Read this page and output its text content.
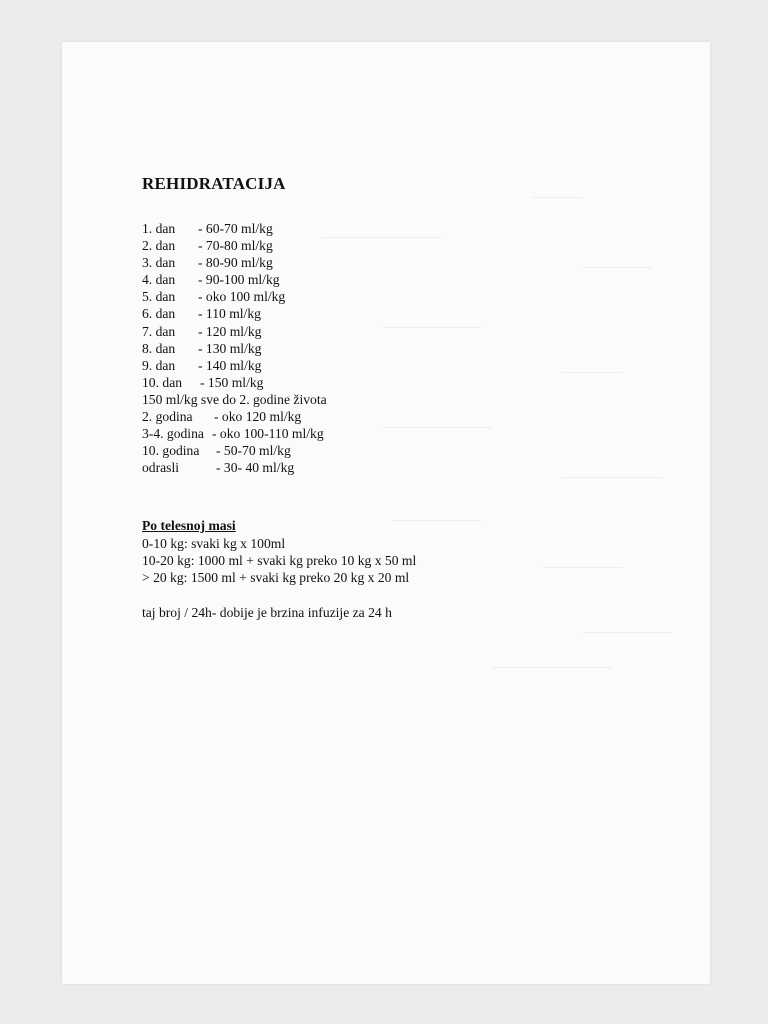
REHIDRATACIJA
1. dan - 60-70 ml/kg
2. dan - 70-80 ml/kg
3. dan - 80-90 ml/kg
4. dan - 90-100 ml/kg
5. dan - oko 100 ml/kg
6. dan - 110 ml/kg
7. dan - 120 ml/kg
8. dan - 130 ml/kg
9. dan - 140 ml/kg
10. dan - 150 ml/kg
150 ml/kg sve do 2. godine života
2. godina - oko 120 ml/kg
3-4. godina - oko 100-110 ml/kg
10. godina - 50-70 ml/kg
odrasli	- 30- 40 ml/kg
Po telesnoj masi
0-10 kg: svaki kg x 100ml
10-20 kg: 1000 ml + svaki kg preko 10 kg x 50 ml
> 20 kg: 1500 ml + svaki kg preko 20 kg x 20 ml
taj broj / 24h- dobije je brzina infuzije za 24 h
